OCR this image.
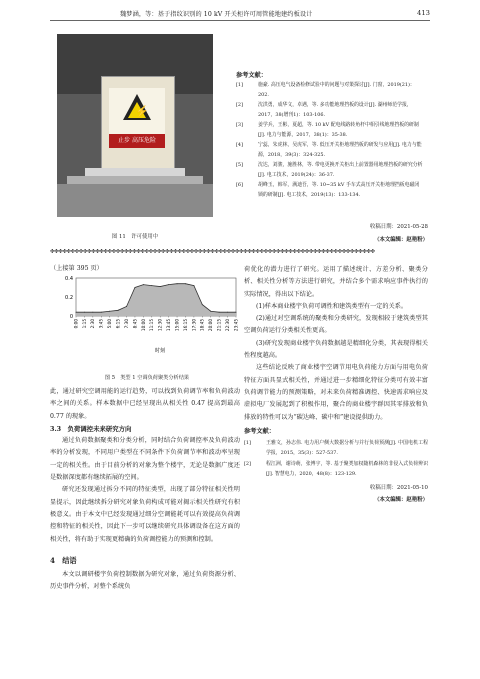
魏梦涵，等：基于指纹识别的 10 kV 开关柜许可周管能地建约板设计	413
⚡
止步 高压危险
图 11　许可使用中
参考文献：
[1]	施豪. 高压电气设备检修试验中的问题与对策探讨[J]. 门窗，2019(21)：202.
[2]	沈洪勇，成华文，卓遇，等. 多功能地理挡板的设计[J]. 湖州师范学报，2017，38(增刊1)：103-106.
[3]	姜学兵，王彬，夏超，等. 10 kV 配电线路转角杆中相引线地理挡板的研制[J]. 电力与能源，2017，38(1)：35-38.
[4]	宁蕊，朱虎林，吴虎军，等. 低压开关柜地理挡板的研发与应用[J]. 电力与能源，2018，39(3)：324-325.
[5]	沈达，刘骏，施胜林，等. 带电更换开关柜出上前置器用地理挡板的研究分析[J]. 电工技术，2019(24)：36-37.
[6]	胡峰玉，韩军，满迪吾，等. 10~35 kV 手车式高压开关柜地理挡板电磁闭锁的研制[J]. 电工技术，2019(13)：133-134.
收稿日期：2021-05-28
（本文编辑：赵艳粉）
✤✤✤✤✤✤✤✤✤✤✤✤✤✤✤✤✤✤✤✤✤✤✤✤✤✤✤✤✤✤✤✤✤✤✤✤✤✤✤✤✤✤✤✤✤✤✤✤✤✤✤✤✤✤✤✤✤✤✤✤✤✤✤✤✤✤✤✤✤✤✤✤✤✤✤✤✤✤✤
（上接第 395 页）
0
0.2
0.4
0:00 1:15 2:30 3:45 5:00 6:15 7:30 8:45 10:00 11:15 12:30 13:45 15:00 16:15 17:30 18:45 20:00 21:15 22:30 23:45
时刻
图 5　类型 1 空调负荷聚类分析结果

此，通过研究空调用能的运行趋势，可以找到负荷调节率和负荷波动率之间的关系。样本数据中已经呈现出从相关性 0.47 提高到最高 0.77 的现象。

3.3　负荷调控未来研究方向

通过负荷数据聚类和分类分析，同时结合负荷调控率及负荷波动率的分析发现，不同用户类型在不同条件下负荷调节率和波动率呈现一定的相关性。由于目前分析的对象为整个楼宇，无论是数据广度还是数据深度都有继续拓展的空间。

研究还发现通过拆分不同的特征类型，出现了部分特征相关性明显提示，因此继续拆分研究对象负荷构成可能对揭示相关性研究有积极意义。由于本文中已经发现通过细分空调能耗可以有效提高负荷调控和特征的相关性，因此下一步可以继续研究具体调设备在这方面的相关性，将有助于实现更精确的负荷调控能力的预测和控制。

4　结语

本文以调研楼宇负荷控制数据为研究对象，通过负荷资源分析、历史事件分析，对整个系统负

荷优化的潜力进行了研究。运用了描述统计、方差分析、聚类分析、相关性分析等方法进行研究，并结合多个需求响应事件执行的实际情况，得出以下结论。

(1)样本商业楼宇负荷可调性和建筑类型有一定的关系。

(2)通过对空调系统的聚类和分类研究，发现相较于建筑类型其空调负荷运行分类相关性更高。

(3)研究发现商业楼宇负荷数据越是精细化分类，其表现得相关性程度越高。

这些结论反映了商业楼宇空调节用电负荷能力方面与用电负荷特征方面具显式相关性，并通过进一步精细化特征分类可有效丰富负荷调节能力的预测策略，对未来负荷精准调控、快速需求响应及虚拟电厂发展起到了积极作用，聚合的商业楼宇群因其零排放和负排放的特性可以为“碳达峰、碳中和”建设提供助力。

参考文献：

[1]	王雅文，孙志伟. 电力用户侧大数据分析与并行负荷预测[J]. 中国电机工程学报，2015，35(3)：527-537.
[2]	程江洲，谢诗萌，张博宇，等. 基于聚类加权随机森林的非侵入式负荷辨识[J]. 智慧电力，2020，48(8)：123-129.

收稿日期：2021-05-10

（本文编辑：赵艳粉）
